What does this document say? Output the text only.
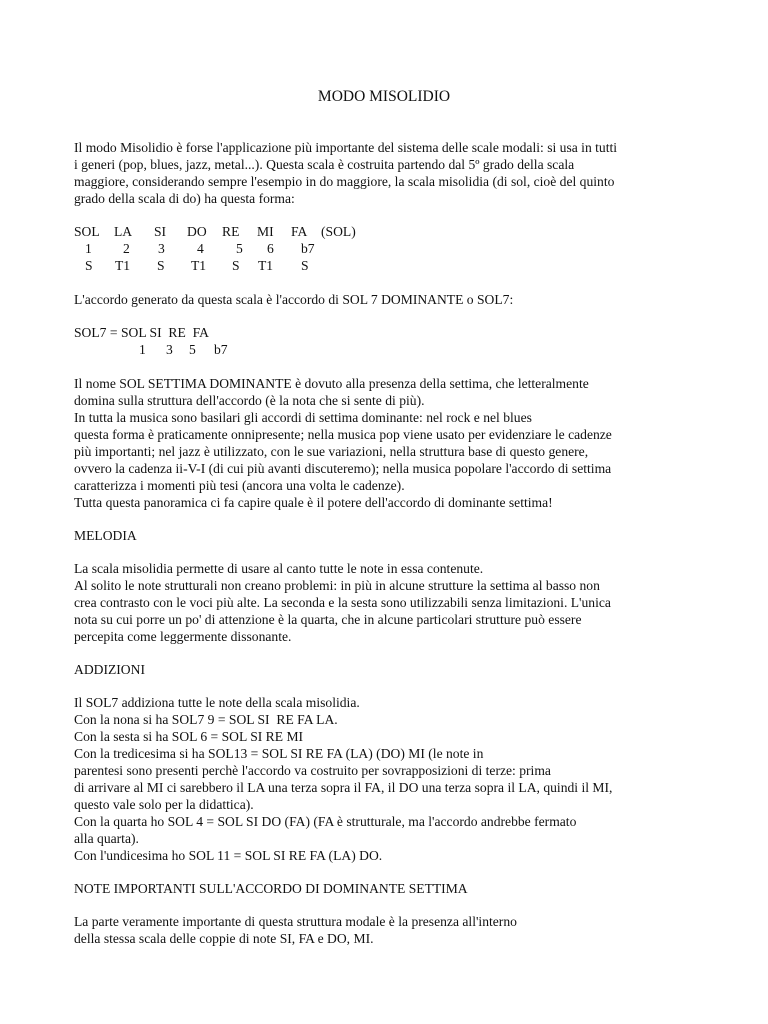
MODO MISOLIDIO
Il modo Misolidio è forse l'applicazione più importante del sistema delle scale modali: si usa in tutti
i generi (pop, blues, jazz, metal...). Questa scala è costruita partendo dal 5º grado della scala
maggiore, considerando sempre l'esempio in do maggiore, la scala misolidia (di sol, cioè del quinto
grado della scala di do) ha questa forma:
SOL LA SI DO RE MI FA (SOL)
1 2 3 4 5 6 b7
S T1 S T1 S T1 S
L'accordo generato da questa scala è l'accordo di SOL 7 DOMINANTE o SOL7:
SOL7 = SOL SI  RE  FA
1 3 5 b7
Il nome SOL SETTIMA DOMINANTE è dovuto alla presenza della settima, che letteralmente
domina sulla struttura dell'accordo (è la nota che si sente di più).
In tutta la musica sono basilari gli accordi di settima dominante: nel rock e nel blues
questa forma è praticamente onnipresente; nella musica pop viene usato per evidenziare le cadenze
più importanti; nel jazz è utilizzato, con le sue variazioni, nella struttura base di questo genere,
ovvero la cadenza ii-V-I (di cui più avanti discuteremo); nella musica popolare l'accordo di settima
caratterizza i momenti più tesi (ancora una volta le cadenze).
Tutta questa panoramica ci fa capire quale è il potere dell'accordo di dominante settima!
MELODIA
La scala misolidia permette di usare al canto tutte le note in essa contenute.
Al solito le note strutturali non creano problemi: in più in alcune strutture la settima al basso non
crea contrasto con le voci più alte. La seconda e la sesta sono utilizzabili senza limitazioni. L'unica
nota su cui porre un po' di attenzione è la quarta, che in alcune particolari strutture può essere
percepita come leggermente dissonante.
ADDIZIONI
Il SOL7 addiziona tutte le note della scala misolidia.
Con la nona si ha SOL7 9 = SOL SI  RE FA LA.
Con la sesta si ha SOL 6 = SOL SI RE MI
Con la tredicesima si ha SOL13 = SOL SI RE FA (LA) (DO) MI (le note in
parentesi sono presenti perchè l'accordo va costruito per sovrapposizioni di terze: prima
di arrivare al MI ci sarebbero il LA una terza sopra il FA, il DO una terza sopra il LA, quindi il MI,
questo vale solo per la didattica).
Con la quarta ho SOL 4 = SOL SI DO (FA) (FA è strutturale, ma l'accordo andrebbe fermato
alla quarta).
Con l'undicesima ho SOL 11 = SOL SI RE FA (LA) DO.
NOTE IMPORTANTI SULL'ACCORDO DI DOMINANTE SETTIMA
La parte veramente importante di questa struttura modale è la presenza all'interno
della stessa scala delle coppie di note SI, FA e DO, MI.
